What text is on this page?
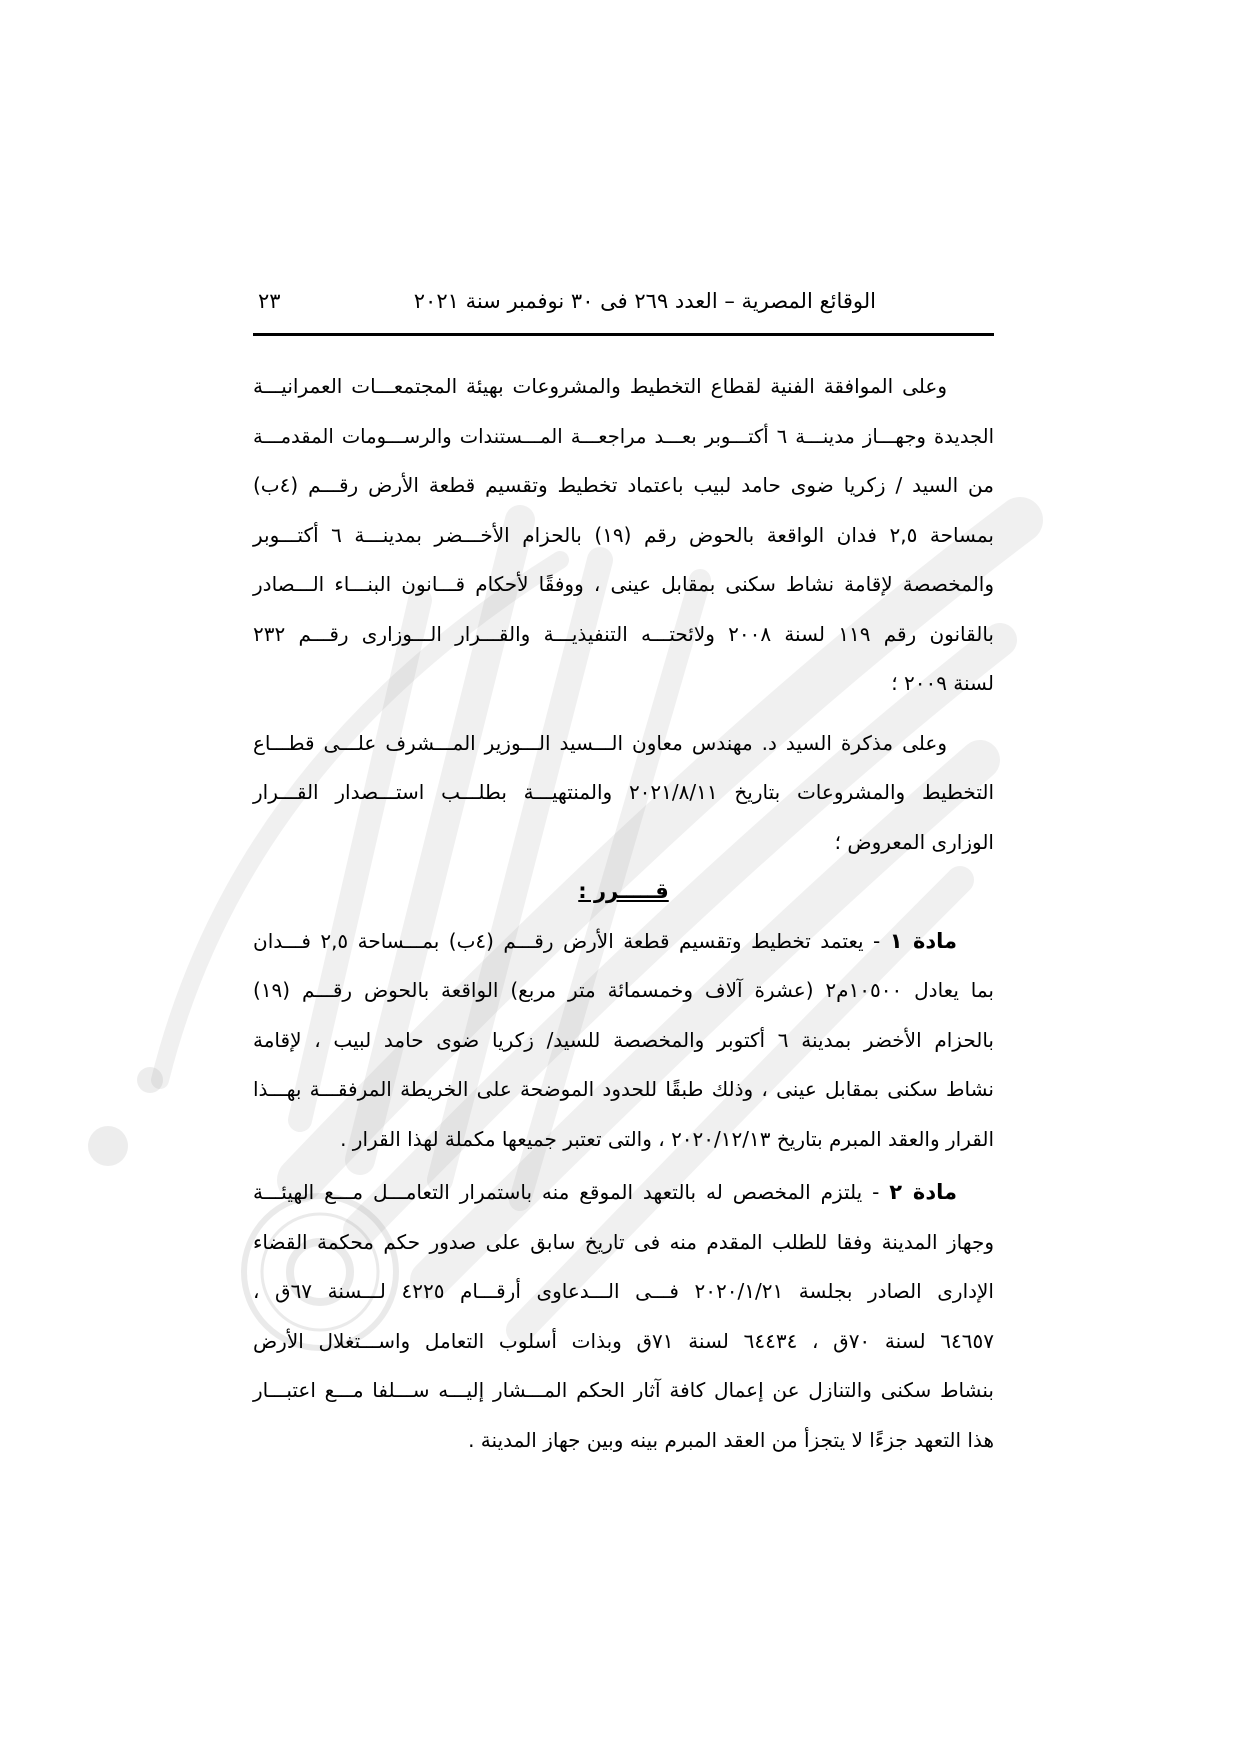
الوقائع المصرية – العدد ٢٦٩ فى ٣٠ نوفمبر سنة ٢٠٢١
٢٣
وعلى الموافقة الفنية لقطاع التخطيط والمشروعات بهيئة المجتمعـــات العمرانيـــة
الجديدة وجهـــاز مدينـــة ٦ أكتـــوبر بعـــد مراجعـــة المـــستندات والرســـومات المقدمـــة
من السيد / زكريا ضوى حامد لبيب باعتماد تخطيط وتقسيم قطعة الأرض رقـــم (٤ب)
بمساحة ٢,٥ فدان الواقعة بالحوض رقم (١٩) بالحزام الأخـــضر بمدينـــة ٦ أكتـــوبر
والمخصصة لإقامة نشاط سكنى بمقابل عينى ، ووفقًا لأحكام قـــانون البنـــاء الـــصادر
بالقانون رقم ١١٩ لسنة ٢٠٠٨ ولائحتـــه التنفيذيـــة والقـــرار الـــوزارى رقـــم ٢٣٢
لسنة ٢٠٠٩ ؛
وعلى مذكرة السيد د. مهندس معاون الـــسيد الـــوزير المـــشرف علـــى قطـــاع
التخطيط والمشروعات بتاريخ ٢٠٢١/٨/١١ والمنتهيـــة بطلـــب استـــصدار القـــرار
الوزارى المعروض ؛
قـــــرر :
مادة ١ - يعتمد تخطيط وتقسيم قطعة الأرض رقـــم (٤ب) بمـــساحة ٢,٥ فـــدان
بما يعادل ١٠٥٠٠م٢ (عشرة آلاف وخمسمائة متر مربع) الواقعة بالحوض رقـــم (١٩)
بالحزام الأخضر بمدينة ٦ أكتوبر والمخصصة للسيد/ زكريا ضوى حامد لبيب ، لإقامة
نشاط سكنى بمقابل عينى ، وذلك طبقًا للحدود الموضحة على الخريطة المرفقـــة بهـــذا
القرار والعقد المبرم بتاريخ ٢٠٢٠/١٢/١٣ ، والتى تعتبر جميعها مكملة لهذا القرار .
مادة ٢ - يلتزم المخصص له بالتعهد الموقع منه باستمرار التعامـــل مـــع الهيئـــة
وجهاز المدينة وفقا للطلب المقدم منه فى تاريخ سابق على صدور حكم محكمة القضاء
الإدارى الصادر بجلسة ٢٠٢٠/١/٢١ فـــى الـــدعاوى أرقـــام ٤٢٢٥ لـــسنة ٦٧ق ،
٦٤٦٥٧ لسنة ٧٠ق ، ٦٤٤٣٤ لسنة ٧١ق وبذات أسلوب التعامل واســـتغلال الأرض
بنشاط سكنى والتنازل عن إعمال كافة آثار الحكم المـــشار إليـــه ســـلفا مـــع اعتبـــار
هذا التعهد جزءًا لا يتجزأ من العقد المبرم بينه وبين جهاز المدينة .
